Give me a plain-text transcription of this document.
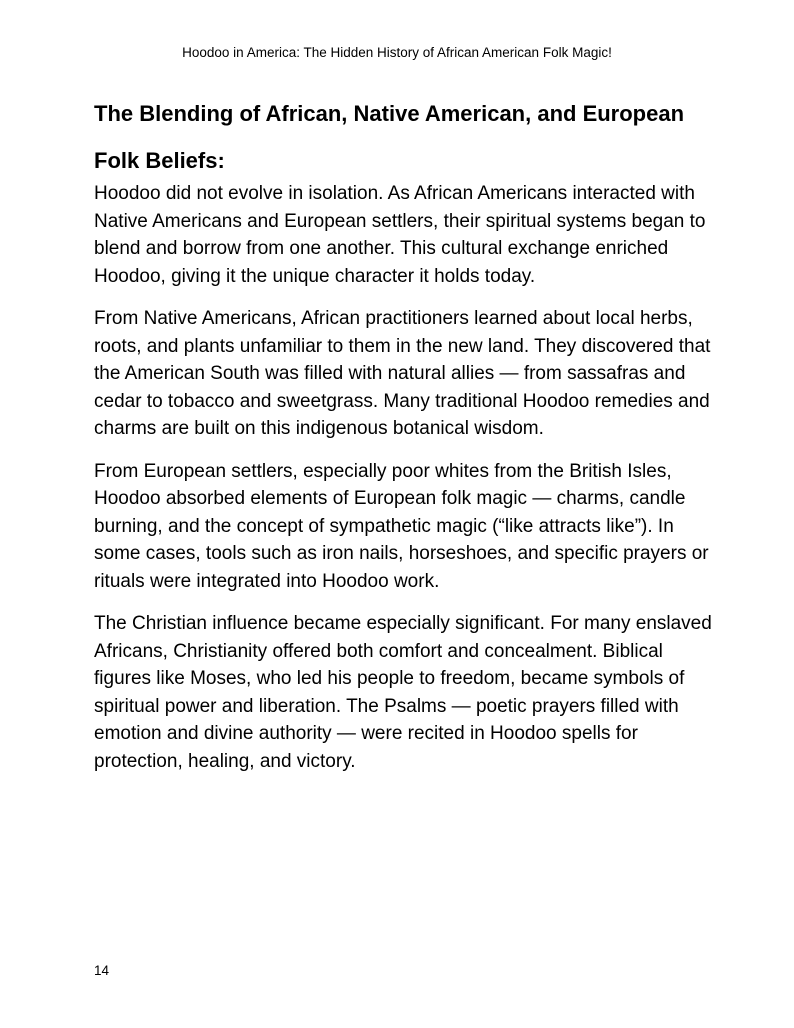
Hoodoo in America: The Hidden History of African American Folk Magic!
The Blending of African, Native American, and European Folk Beliefs:

Hoodoo did not evolve in isolation. As African Americans interacted with Native Americans and European settlers, their spiritual systems began to blend and borrow from one another. This cultural exchange enriched Hoodoo, giving it the unique character it holds today.

From Native Americans, African practitioners learned about local herbs, roots, and plants unfamiliar to them in the new land. They discovered that the American South was filled with natural allies — from sassafras and cedar to tobacco and sweetgrass. Many traditional Hoodoo remedies and charms are built on this indigenous botanical wisdom.

From European settlers, especially poor whites from the British Isles, Hoodoo absorbed elements of European folk magic — charms, candle burning, and the concept of sympathetic magic (“like attracts like”). In some cases, tools such as iron nails, horseshoes, and specific prayers or rituals were integrated into Hoodoo work.

The Christian influence became especially significant. For many enslaved Africans, Christianity offered both comfort and concealment. Biblical figures like Moses, who led his people to freedom, became symbols of spiritual power and liberation. The Psalms — poetic prayers filled with emotion and divine authority — were recited in Hoodoo spells for protection, healing, and victory.

14
